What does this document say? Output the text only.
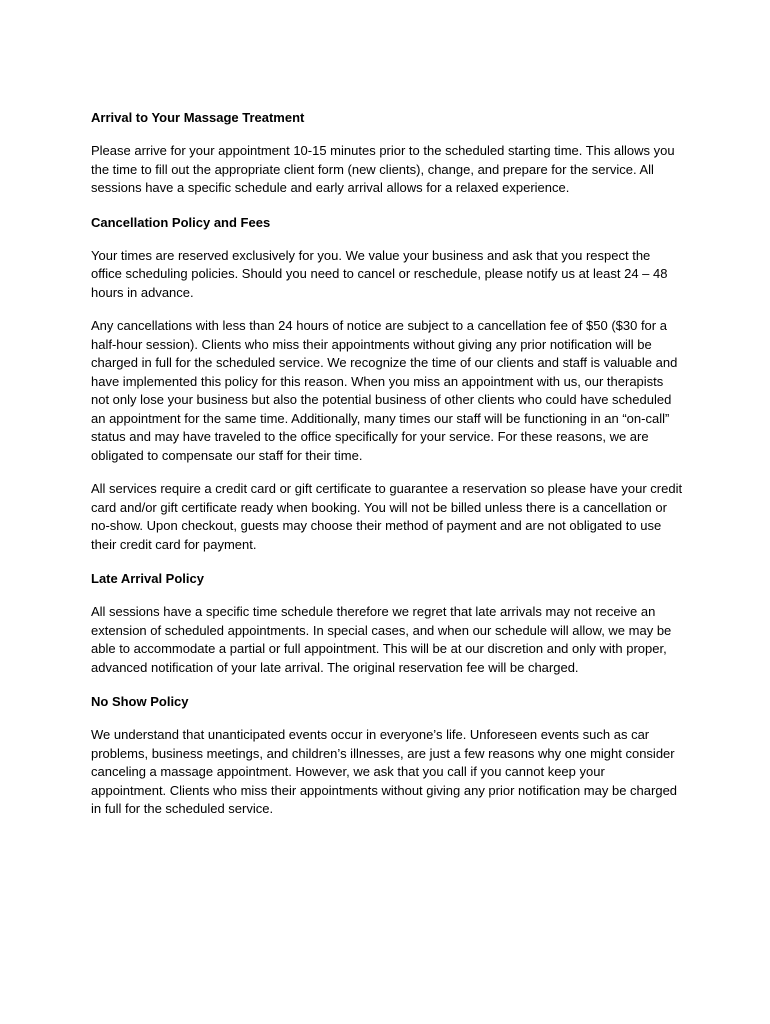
Arrival to Your Massage Treatment

Please arrive for your appointment 10-15 minutes prior to the scheduled starting time. This allows you the time to fill out the appropriate client form (new clients), change, and prepare for the service. All sessions have a specific schedule and early arrival allows for a relaxed experience.

Cancellation Policy and Fees

Your times are reserved exclusively for you. We value your business and ask that you respect the office scheduling policies. Should you need to cancel or reschedule, please notify us at least 24 – 48 hours in advance.

Any cancellations with less than 24 hours of notice are subject to a cancellation fee of $50 ($30 for a half-hour session). Clients who miss their appointments without giving any prior notification will be charged in full for the scheduled service. We recognize the time of our clients and staff is valuable and have implemented this policy for this reason. When you miss an appointment with us, our therapists not only lose your business but also the potential business of other clients who could have scheduled an appointment for the same time. Additionally, many times our staff will be functioning in an “on-call” status and may have traveled to the office specifically for your service. For these reasons, we are obligated to compensate our staff for their time.

All services require a credit card or gift certificate to guarantee a reservation so please have your credit card and/or gift certificate ready when booking. You will not be billed unless there is a cancellation or no-show. Upon checkout, guests may choose their method of payment and are not obligated to use their credit card for payment.

Late Arrival Policy

All sessions have a specific time schedule therefore we regret that late arrivals may not receive an extension of scheduled appointments. In special cases, and when our schedule will allow, we may be able to accommodate a partial or full appointment. This will be at our discretion and only with proper, advanced notification of your late arrival. The original reservation fee will be charged.

No Show Policy

We understand that unanticipated events occur in everyone’s life. Unforeseen events such as car problems, business meetings, and children’s illnesses, are just a few reasons why one might consider canceling a massage appointment. However, we ask that you call if you cannot keep your appointment. Clients who miss their appointments without giving any prior notification may be charged in full for the scheduled service.
